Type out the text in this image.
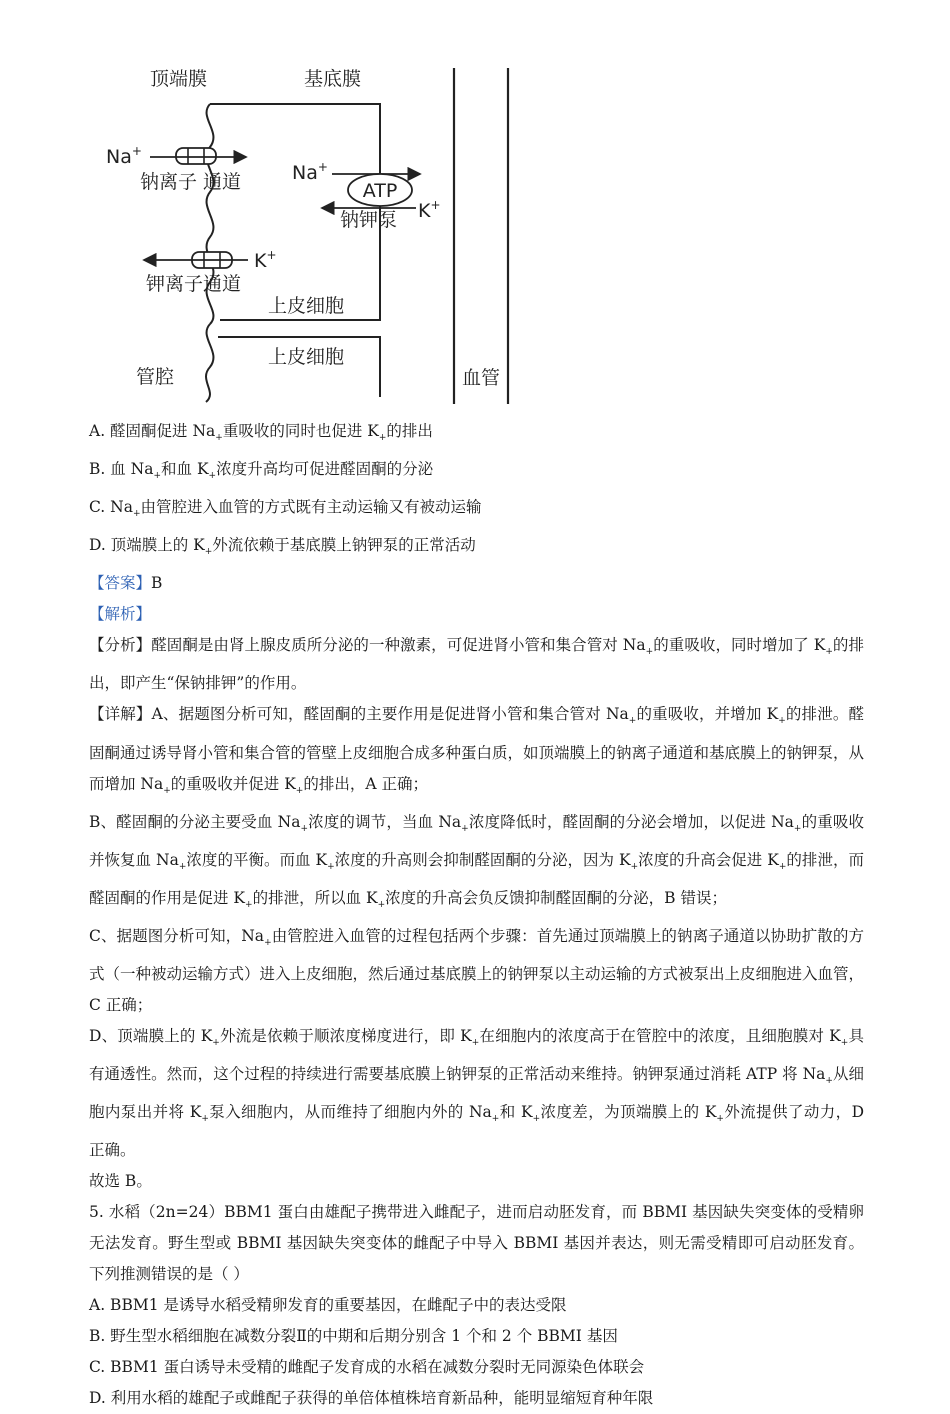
顶端膜	基底膜
Na+
钠离子 通道	Na+
ATP
K+
钠钾泵
K+
钾离子通道
上皮细胞
上皮细胞
管腔	血管
A. 醛固酮促进 $Na_+$重吸收的同时也促进 $K_+$的排出
B. 血 $Na_+$和血 $K_+$浓度升高均可促进醛固酮的分泌
C. $Na_+$由管腔进入血管的方式既有主动运输又有被动运输
D. 顶端膜上的 $K_+$外流依赖于基底膜上钠钾泵的正常活动
【答案】B
【解析】
【分析】醛固酮是由肾上腺皮质所分泌的一种激素，可促进肾小管和集合管对 $Na_+$的重吸收，同时增加了 $K_+$的排出，即产生“保钠排钾”的作用。
【详解】A、据题图分析可知，醛固酮的主要作用是促进肾小管和集合管对 $Na_+$的重吸收，并增加 $K_+$的排泄。醛固酮通过诱导肾小管和集合管的管壁上皮细胞合成多种蛋白质，如顶端膜上的钠离子通道和基底膜上的钠钾泵，从而增加 $Na_+$的重吸收并促进 $K_+$的排出，A 正确；
B、醛固酮的分泌主要受血 $Na_+$浓度的调节，当血 $Na_+$浓度降低时，醛固酮的分泌会增加，以促进 $Na_+$的重吸收并恢复血 $Na_+$浓度的平衡。而血 $K_+$浓度的升高则会抑制醛固酮的分泌，因为 $K_+$浓度的升高会促进 $K_+$的排泄，而醛固酮的作用是促进 $K_+$的排泄，所以血 $K_+$浓度的升高会负反馈抑制醛固酮的分泌，B 错误；
C、据题图分析可知，$Na_+$由管腔进入血管的过程包括两个步骤：首先通过顶端膜上的钠离子通道以协助扩散的方式（一种被动运输方式）进入上皮细胞，然后通过基底膜上的钠钾泵以主动运输的方式被泵出上皮细胞进入血管，C 正确；
D、顶端膜上的 $K_+$外流是依赖于顺浓度梯度进行，即 $K_+$在细胞内的浓度高于在管腔中的浓度，且细胞膜对 $K_+$具有通透性。然而，这个过程的持续进行需要基底膜上钠钾泵的正常活动来维持。钠钾泵通过消耗 ATP 将 $Na_+$从细胞内泵出并将 $K_+$泵入细胞内，从而维持了细胞内外的 $Na_+$和 $K_+$浓度差，为顶端膜上的 $K_+$外流提供了动力，D 正确。
故选 B。
5. 水稻（2n=24）BBM1 蛋白由雄配子携带进入雌配子，进而启动胚发育，而 BBMI 基因缺失突变体的受精卵无法发育。野生型或 BBMI 基因缺失突变体的雌配子中导入 BBMI 基因并表达，则无需受精即可启动胚发育。下列推测错误的是（ ）
A. BBM1 是诱导水稻受精卵发育的重要基因，在雌配子中的表达受限
B. 野生型水稻细胞在减数分裂Ⅱ的中期和后期分别含 1 个和 2 个 BBMI 基因
C. BBM1 蛋白诱导未受精的雌配子发育成的水稻在减数分裂时无同源染色体联会
D. 利用水稻的雄配子或雌配子获得的单倍体植株培育新品种，能明显缩短育种年限
